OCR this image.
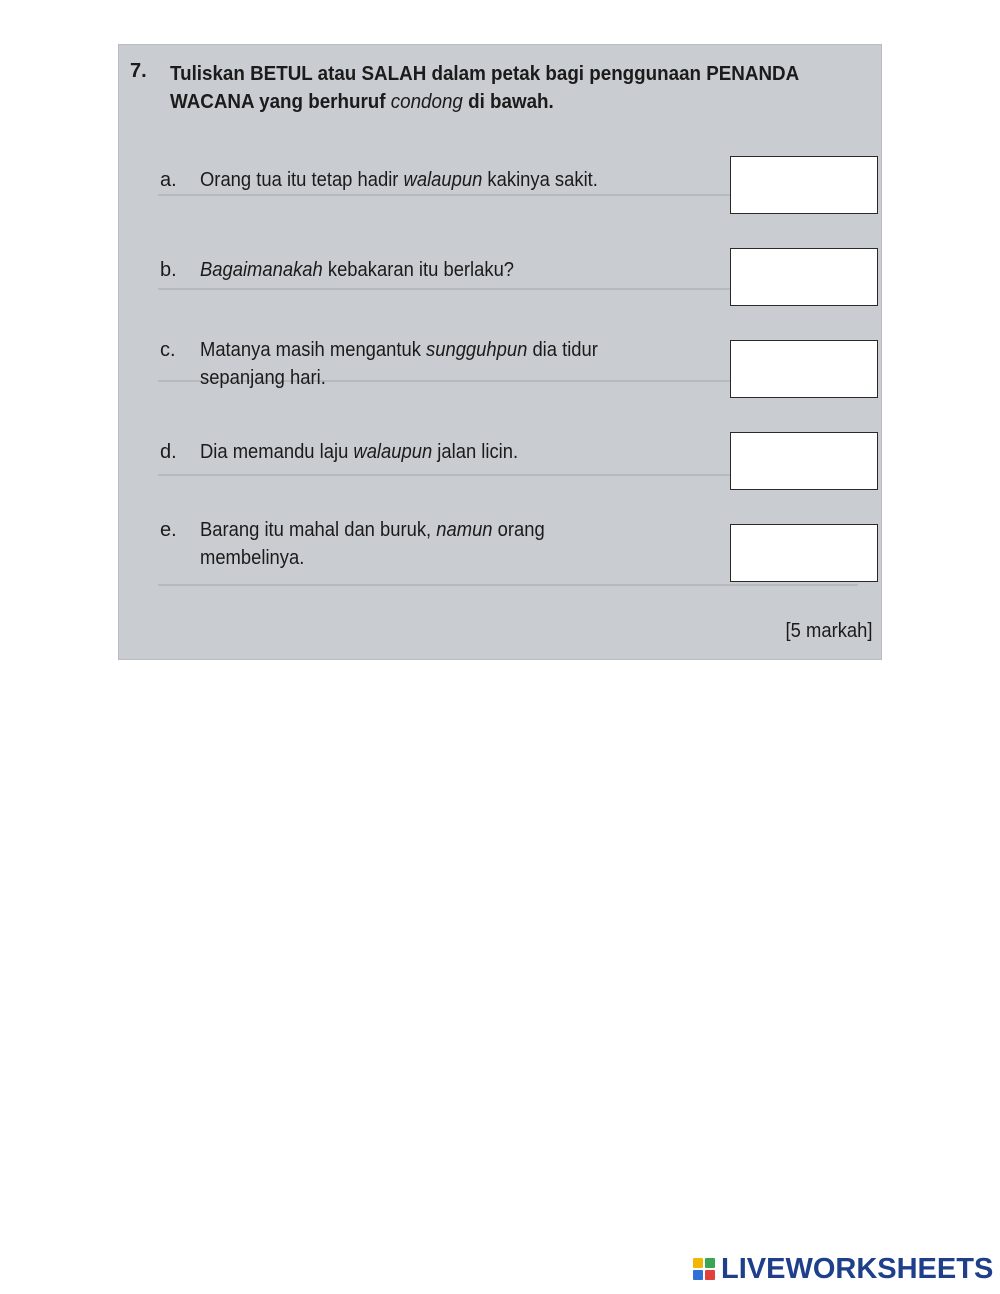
7. Tuliskan BETUL atau SALAH dalam petak bagi penggunaan PENANDA
WACANA yang berhuruf condong di bawah.
a. Orang tua itu tetap hadir walaupun kakinya sakit.
b. Bagaimanakah kebakaran itu berlaku?
c. Matanya masih mengantuk sungguhpun dia tidur
sepanjang hari.
d. Dia memandu laju walaupun jalan licin.
e. Barang itu mahal dan buruk, namun orang
membelinya.
[5 markah]
LIVEWORKSHEETS
